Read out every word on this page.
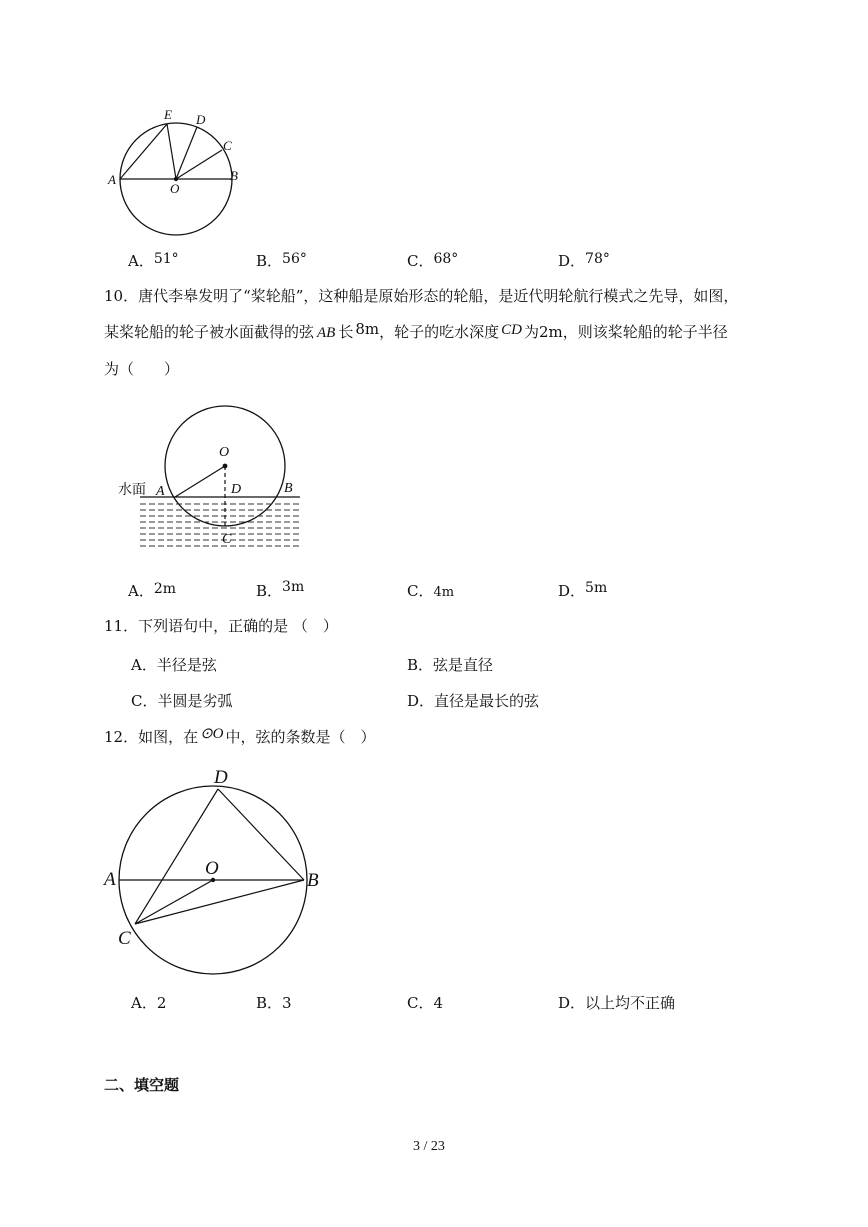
A	B
C
D
E
O
A．51°	B．56°	C．68°	D．78°
10．唐代李皋发明了“桨轮船”，这种船是原始形态的轮船，是近代明轮航行模式之先导，如图，
某桨轮船的轮子被水面截得的弦 AB 长 8m，轮子的吃水深度 CD 为2m，则该桨轮船的轮子半径
为（　　）
水面
O
A	D	B
C
A．2m	B．3m	C．4m	D．5m
11．下列语句中，正确的是 （　）
A．半径是弦	B．弦是直径
C．半圆是劣弧	D．直径是最长的弦
12．如图，在 ⊙O 中，弦的条数是（　）
D
A
O
B
C
A．2	B．3	C．4	D．以上均不正确
二、填空题
3 / 23
